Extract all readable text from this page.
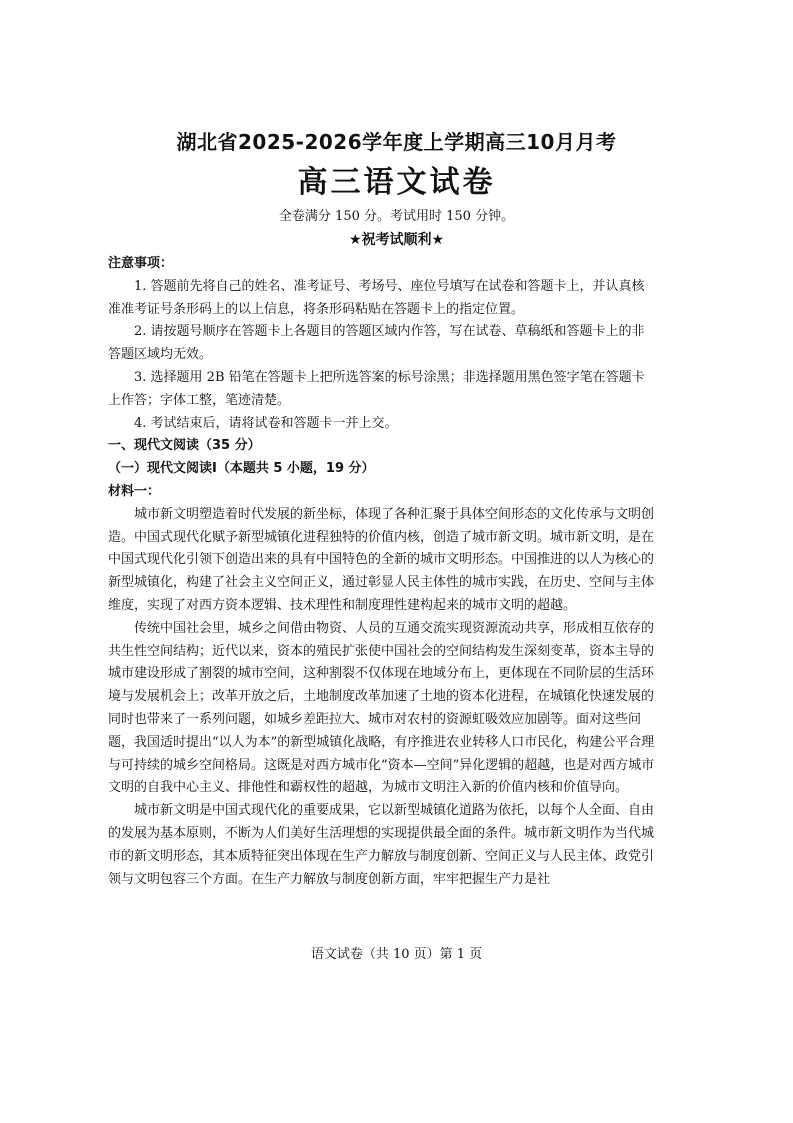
湖北省2025-2026学年度上学期高三10月月考
高三语文试卷
全卷满分 150 分。考试用时 150 分钟。
★祝考试顺利★

注意事项：

1. 答题前先将自己的姓名、准考证号、考场号、座位号填写在试卷和答题卡上，并认真核准准考证号条形码上的以上信息，将条形码粘贴在答题卡上的指定位置。

2. 请按题号顺序在答题卡上各题目的答题区域内作答，写在试卷、草稿纸和答题卡上的非答题区域均无效。

3. 选择题用 2B 铅笔在答题卡上把所选答案的标号涂黑；非选择题用黑色签字笔在答题卡上作答；字体工整，笔迹清楚。

4. 考试结束后，请将试卷和答题卡一并上交。

一、现代文阅读（35 分）

（一）现代文阅读Ⅰ（本题共 5 小题，19 分）

材料一：

城市新文明塑造着时代发展的新坐标，体现了各种汇聚于具体空间形态的文化传承与文明创造。中国式现代化赋予新型城镇化进程独特的价值内核，创造了城市新文明。城市新文明，是在中国式现代化引领下创造出来的具有中国特色的全新的城市文明形态。中国推进的以人为核心的新型城镇化，构建了社会主义空间正义，通过彰显人民主体性的城市实践，在历史、空间与主体维度，实现了对西方资本逻辑、技术理性和制度理性建构起来的城市文明的超越。

传统中国社会里，城乡之间借由物资、人员的互通交流实现资源流动共享，形成相互依存的共生性空间结构；近代以来，资本的殖民扩张使中国社会的空间结构发生深刻变革，资本主导的城市建设形成了割裂的城市空间，这种割裂不仅体现在地域分布上，更体现在不同阶层的生活环境与发展机会上；改革开放之后，土地制度改革加速了土地的资本化进程，在城镇化快速发展的同时也带来了一系列问题，如城乡差距拉大、城市对农村的资源虹吸效应加剧等。面对这些问题，我国适时提出“以人为本”的新型城镇化战略，有序推进农业转移人口市民化，构建公平合理与可持续的城乡空间格局。这既是对西方城市化“资本—空间”异化逻辑的超越，也是对西方城市文明的自我中心主义、排他性和霸权性的超越，为城市文明注入新的价值内核和价值导向。

城市新文明是中国式现代化的重要成果，它以新型城镇化道路为依托，以每个人全面、自由的发展为基本原则，不断为人们美好生活理想的实现提供最全面的条件。城市新文明作为当代城市的新文明形态，其本质特征突出体现在生产力解放与制度创新、空间正义与人民主体、政党引领与文明包容三个方面。在生产力解放与制度创新方面，牢牢把握生产力是社

语文试卷（共 10 页）第 1 页
